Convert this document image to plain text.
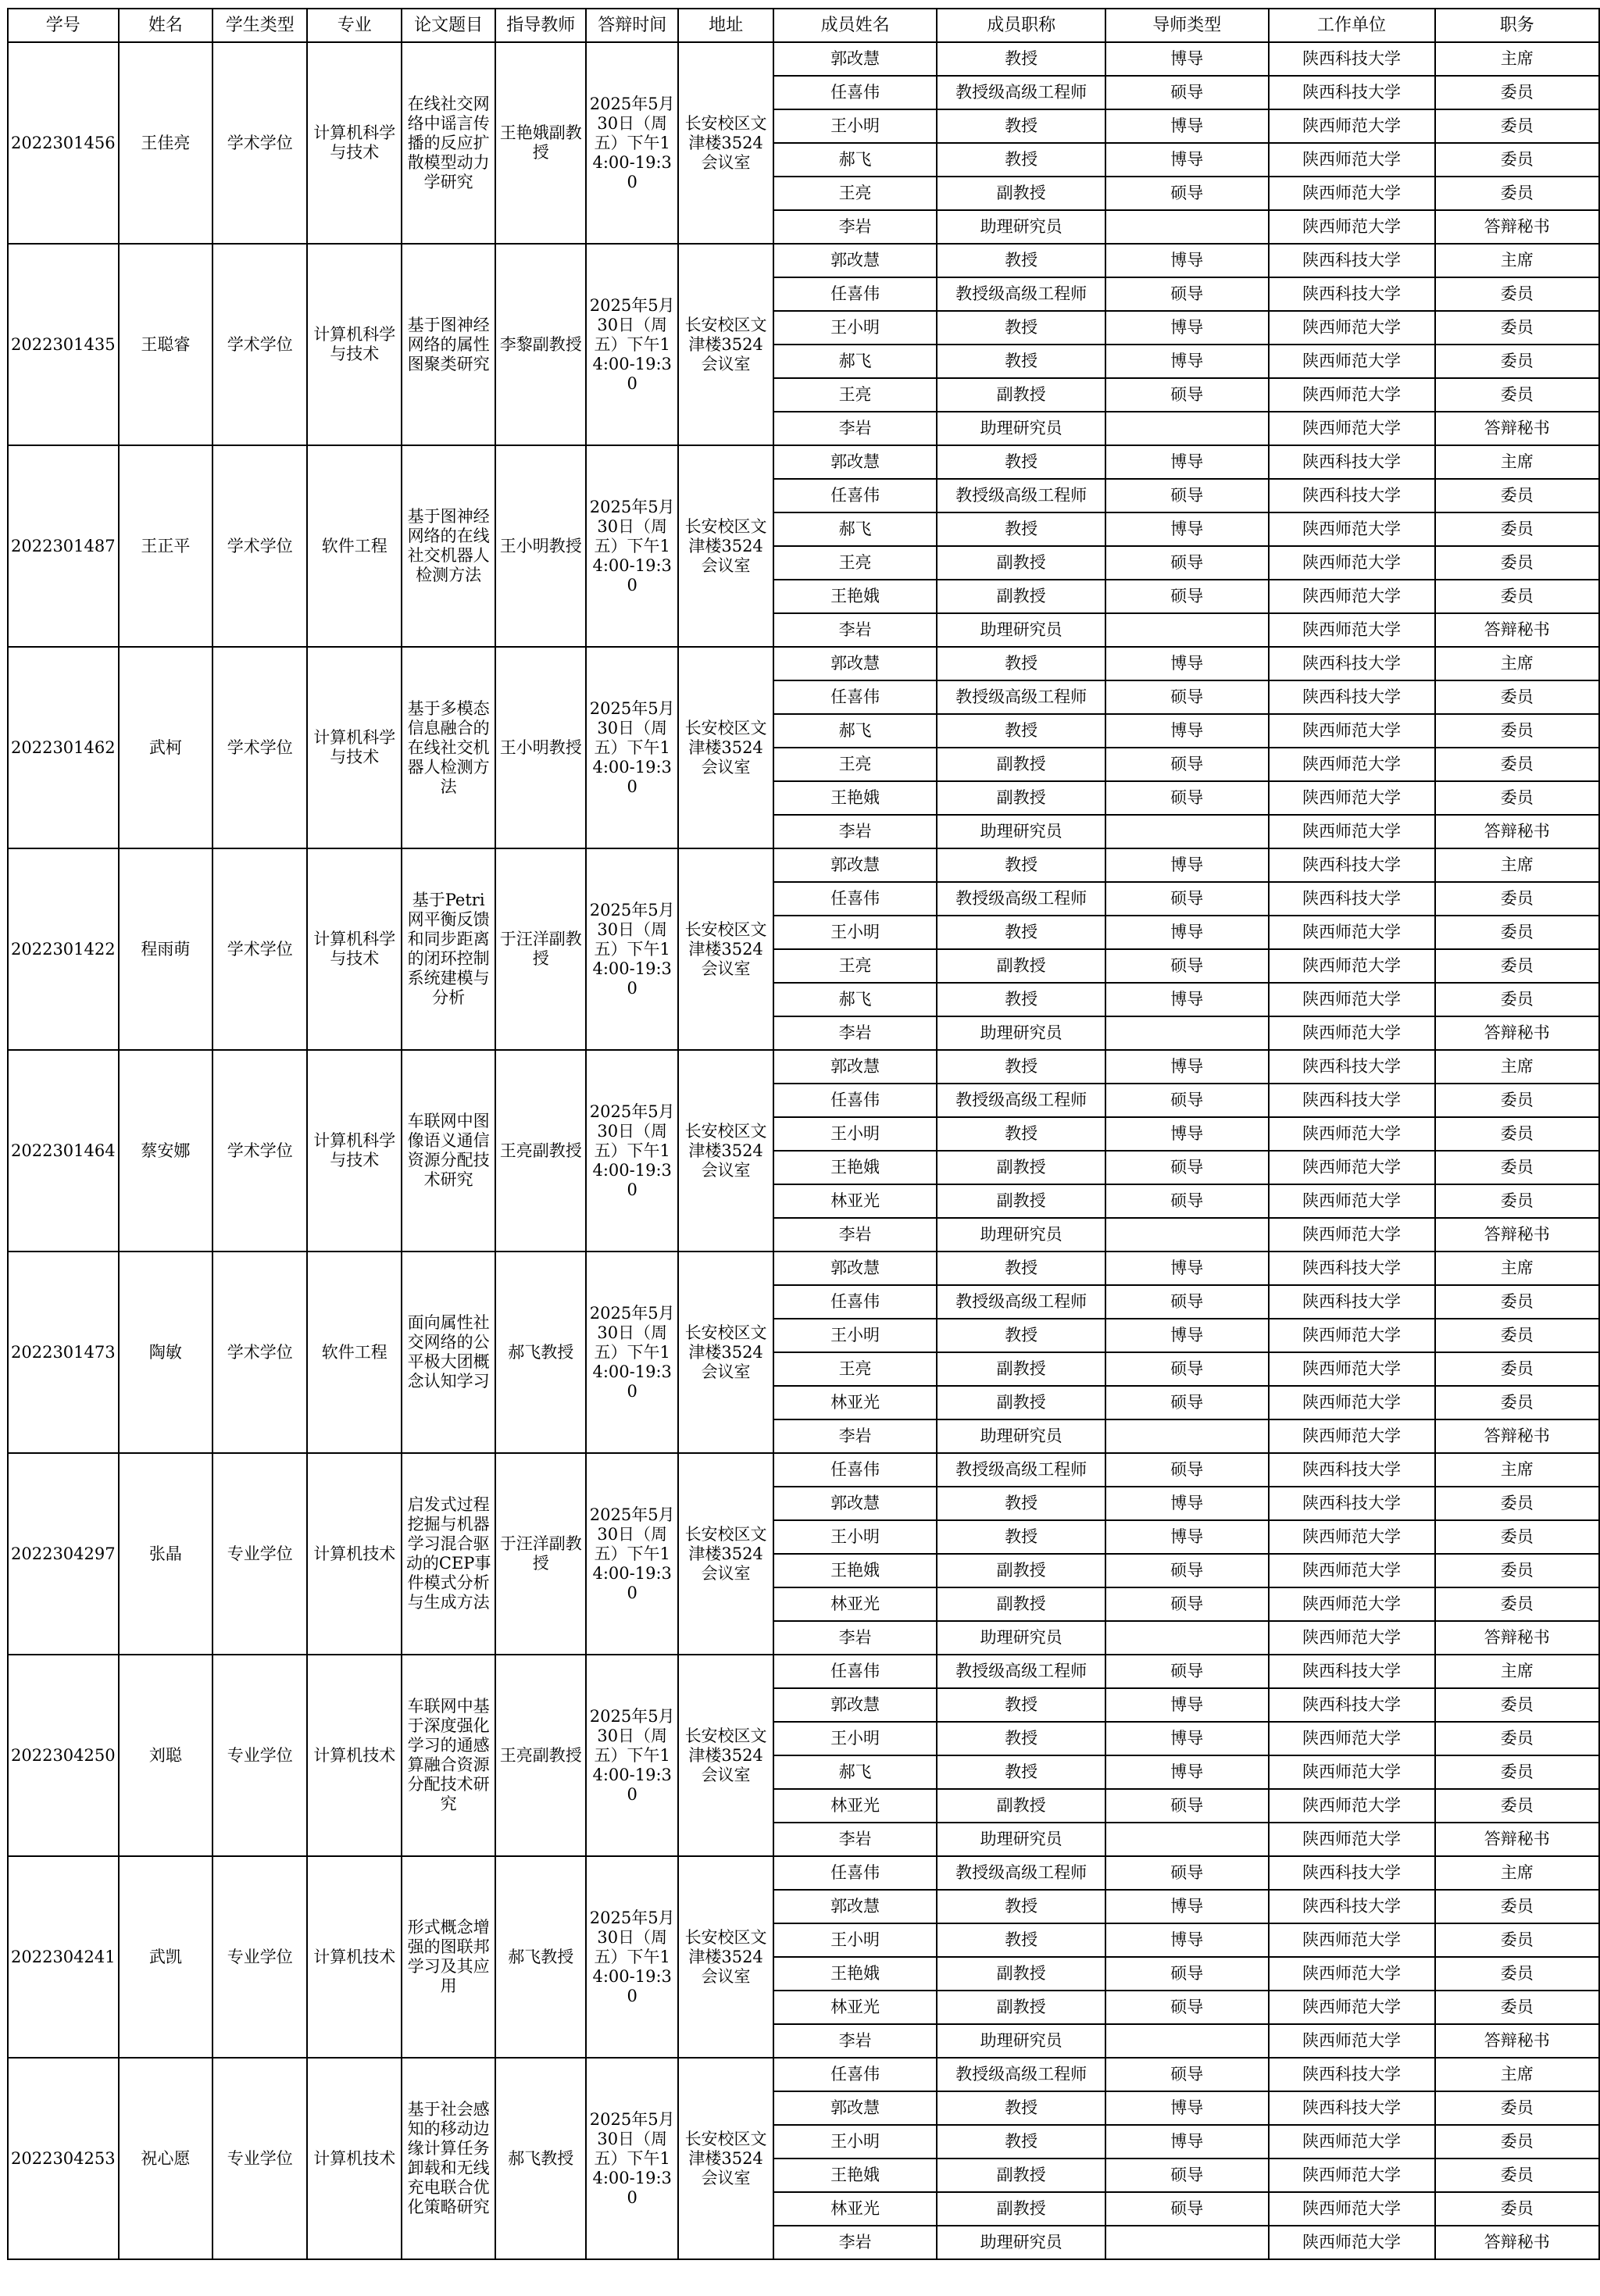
学号	姓名	学生类型	专业	论文题目	指导教师	答辩时间	地址	成员姓名	成员职称	导师类型	工作单位	职务
2022301456	王佳亮	学术学位	计算机科学与技术	在线社交网络中谣言传播的反应扩散模型动力学研究	王艳娥副教授	2025年5月30日（周五）下午14:00-19:30	长安校区文津楼3524会议室	郭改慧	教授	博导	陕西科技大学	主席
								任喜伟	教授级高级工程师	硕导	陕西科技大学	委员
								王小明	教授	博导	陕西师范大学	委员
								郝飞	教授	博导	陕西师范大学	委员
								王亮	副教授	硕导	陕西师范大学	委员
								李岩	助理研究员		陕西师范大学	答辩秘书
2022301435	王聪睿	学术学位	计算机科学与技术	基于图神经网络的属性图聚类研究	李黎副教授	2025年5月30日（周五）下午14:00-19:30	长安校区文津楼3524会议室	郭改慧	教授	博导	陕西科技大学	主席
								任喜伟	教授级高级工程师	硕导	陕西科技大学	委员
								王小明	教授	博导	陕西师范大学	委员
								郝飞	教授	博导	陕西师范大学	委员
								王亮	副教授	硕导	陕西师范大学	委员
								李岩	助理研究员		陕西师范大学	答辩秘书
2022301487	王正平	学术学位	软件工程	基于图神经网络的在线社交机器人检测方法	王小明教授	2025年5月30日（周五）下午14:00-19:30	长安校区文津楼3524会议室	郭改慧	教授	博导	陕西科技大学	主席
								任喜伟	教授级高级工程师	硕导	陕西科技大学	委员
								郝飞	教授	博导	陕西师范大学	委员
								王亮	副教授	硕导	陕西师范大学	委员
								王艳娥	副教授	硕导	陕西师范大学	委员
								李岩	助理研究员		陕西师范大学	答辩秘书
2022301462	武柯	学术学位	计算机科学与技术	基于多模态信息融合的在线社交机器人检测方法	王小明教授	2025年5月30日（周五）下午14:00-19:30	长安校区文津楼3524会议室	郭改慧	教授	博导	陕西科技大学	主席
								任喜伟	教授级高级工程师	硕导	陕西科技大学	委员
								郝飞	教授	博导	陕西师范大学	委员
								王亮	副教授	硕导	陕西师范大学	委员
								王艳娥	副教授	硕导	陕西师范大学	委员
								李岩	助理研究员		陕西师范大学	答辩秘书
2022301422	程雨萌	学术学位	计算机科学与技术	基于Petri网平衡反馈和同步距离的闭环控制系统建模与分析	于汪洋副教授	2025年5月30日（周五）下午14:00-19:30	长安校区文津楼3524会议室	郭改慧	教授	博导	陕西科技大学	主席
								任喜伟	教授级高级工程师	硕导	陕西科技大学	委员
								王小明	教授	博导	陕西师范大学	委员
								王亮	副教授	硕导	陕西师范大学	委员
								郝飞	教授	博导	陕西师范大学	委员
								李岩	助理研究员		陕西师范大学	答辩秘书
2022301464	蔡安娜	学术学位	计算机科学与技术	车联网中图像语义通信资源分配技术研究	王亮副教授	2025年5月30日（周五）下午14:00-19:30	长安校区文津楼3524会议室	郭改慧	教授	博导	陕西科技大学	主席
								任喜伟	教授级高级工程师	硕导	陕西科技大学	委员
								王小明	教授	博导	陕西师范大学	委员
								王艳娥	副教授	硕导	陕西师范大学	委员
								林亚光	副教授	硕导	陕西师范大学	委员
								李岩	助理研究员		陕西师范大学	答辩秘书
2022301473	陶敏	学术学位	软件工程	面向属性社交网络的公平极大团概念认知学习	郝飞教授	2025年5月30日（周五）下午14:00-19:30	长安校区文津楼3524会议室	郭改慧	教授	博导	陕西科技大学	主席
								任喜伟	教授级高级工程师	硕导	陕西科技大学	委员
								王小明	教授	博导	陕西师范大学	委员
								王亮	副教授	硕导	陕西师范大学	委员
								林亚光	副教授	硕导	陕西师范大学	委员
								李岩	助理研究员		陕西师范大学	答辩秘书
2022304297	张晶	专业学位	计算机技术	启发式过程挖掘与机器学习混合驱动的CEP事件模式分析与生成方法	于汪洋副教授	2025年5月30日（周五）下午14:00-19:30	长安校区文津楼3524会议室	任喜伟	教授级高级工程师	硕导	陕西科技大学	主席
								郭改慧	教授	博导	陕西科技大学	委员
								王小明	教授	博导	陕西师范大学	委员
								王艳娥	副教授	硕导	陕西师范大学	委员
								林亚光	副教授	硕导	陕西师范大学	委员
								李岩	助理研究员		陕西师范大学	答辩秘书
2022304250	刘聪	专业学位	计算机技术	车联网中基于深度强化学习的通感算融合资源分配技术研究	王亮副教授	2025年5月30日（周五）下午14:00-19:30	长安校区文津楼3524会议室	任喜伟	教授级高级工程师	硕导	陕西科技大学	主席
								郭改慧	教授	博导	陕西科技大学	委员
								王小明	教授	博导	陕西师范大学	委员
								郝飞	教授	博导	陕西师范大学	委员
								林亚光	副教授	硕导	陕西师范大学	委员
								李岩	助理研究员		陕西师范大学	答辩秘书
2022304241	武凯	专业学位	计算机技术	形式概念增强的图联邦学习及其应用	郝飞教授	2025年5月30日（周五）下午14:00-19:30	长安校区文津楼3524会议室	任喜伟	教授级高级工程师	硕导	陕西科技大学	主席
								郭改慧	教授	博导	陕西科技大学	委员
								王小明	教授	博导	陕西师范大学	委员
								王艳娥	副教授	硕导	陕西师范大学	委员
								林亚光	副教授	硕导	陕西师范大学	委员
								李岩	助理研究员		陕西师范大学	答辩秘书
2022304253	祝心愿	专业学位	计算机技术	基于社会感知的移动边缘计算任务卸载和无线充电联合优化策略研究	郝飞教授	2025年5月30日（周五）下午14:00-19:30	长安校区文津楼3524会议室	任喜伟	教授级高级工程师	硕导	陕西科技大学	主席
								郭改慧	教授	博导	陕西科技大学	委员
								王小明	教授	博导	陕西师范大学	委员
								王艳娥	副教授	硕导	陕西师范大学	委员
								林亚光	副教授	硕导	陕西师范大学	委员
								李岩	助理研究员		陕西师范大学	答辩秘书
